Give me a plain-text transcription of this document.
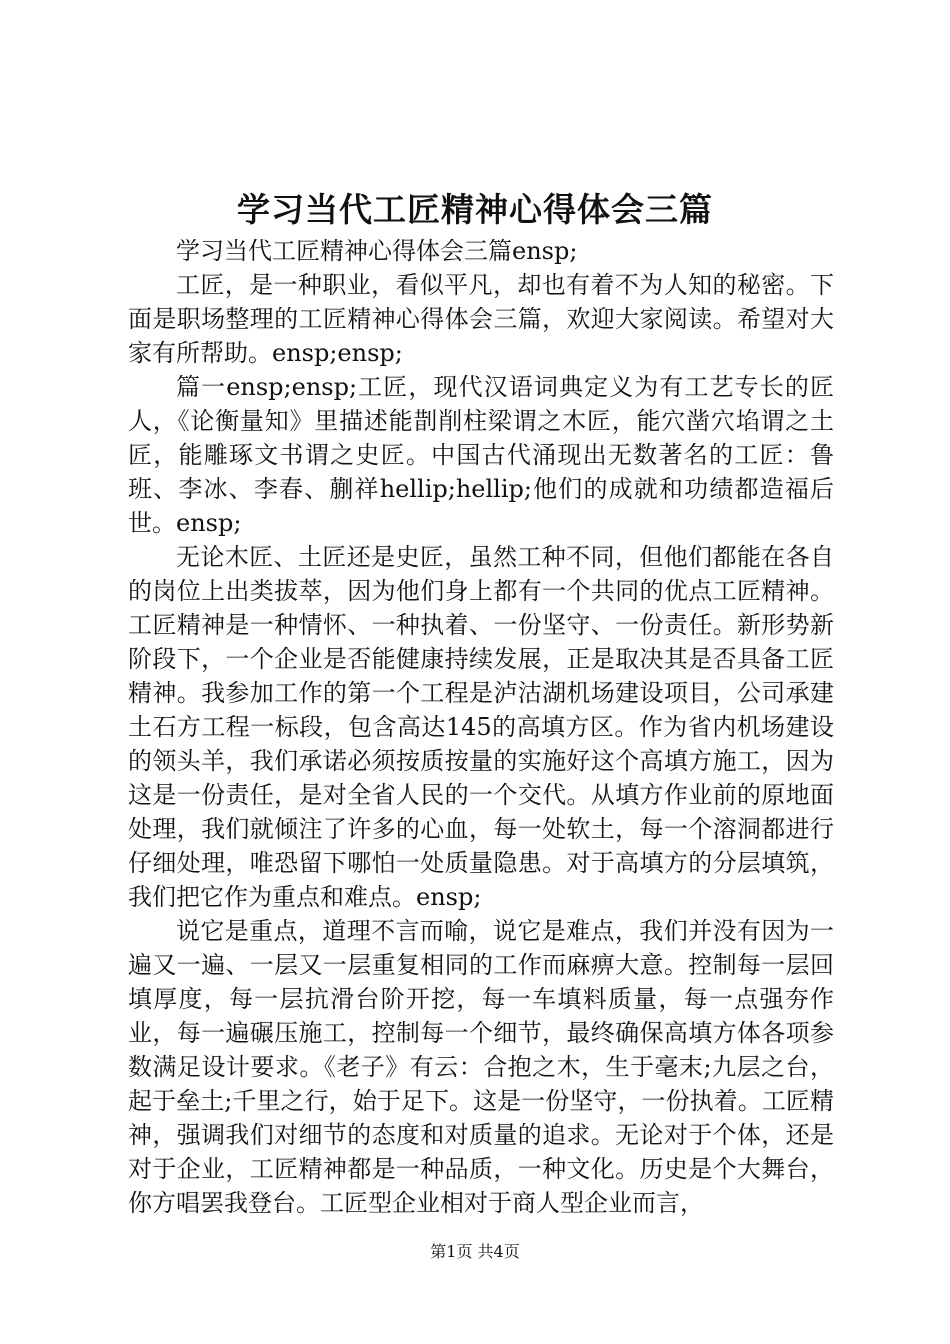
学习当代工匠精神心得体会三篇

学习当代工匠精神心得体会三篇ensp;

工匠，是一种职业，看似平凡，却也有着不为人知的秘密。下面是职场整理的工匠精神心得体会三篇，欢迎大家阅读。希望对大家有所帮助。ensp;ensp;

篇一ensp;ensp;工匠，现代汉语词典定义为有工艺专长的匠人，《论衡量知》里描述能剒削柱梁谓之木匠，能穴凿穴埳谓之土匠，能雕琢文书谓之史匠。中国古代涌现出无数著名的工匠：鲁班、李冰、李春、蒯祥hellip;hellip;他们的成就和功绩都造福后世。ensp;

无论木匠、土匠还是史匠，虽然工种不同，但他们都能在各自的岗位上出类拔萃，因为他们身上都有一个共同的优点工匠精神。工匠精神是一种情怀、一种执着、一份坚守、一份责任。新形势新阶段下，一个企业是否能健康持续发展，正是取决其是否具备工匠精神。我参加工作的第一个工程是泸沽湖机场建设项目，公司承建土石方工程一标段，包含高达145的高填方区。作为省内机场建设的领头羊，我们承诺必须按质按量的实施好这个高填方施工，因为这是一份责任，是对全省人民的一个交代。从填方作业前的原地面处理，我们就倾注了许多的心血，每一处软土，每一个溶洞都进行仔细处理，唯恐留下哪怕一处质量隐患。对于高填方的分层填筑，我们把它作为重点和难点。ensp;

说它是重点，道理不言而喻，说它是难点，我们并没有因为一遍又一遍、一层又一层重复相同的工作而麻痹大意。控制每一层回填厚度，每一层抗滑台阶开挖，每一车填料质量，每一点强夯作业，每一遍碾压施工，控制每一个细节，最终确保高填方体各项参数满足设计要求。《老子》有云：合抱之木，生于毫末;九层之台，起于垒土;千里之行，始于足下。这是一份坚守，一份执着。工匠精神，强调我们对细节的态度和对质量的追求。无论对于个体，还是对于企业，工匠精神都是一种品质，一种文化。历史是个大舞台，你方唱罢我登台。工匠型企业相对于商人型企业而言，

第1页 共4页
